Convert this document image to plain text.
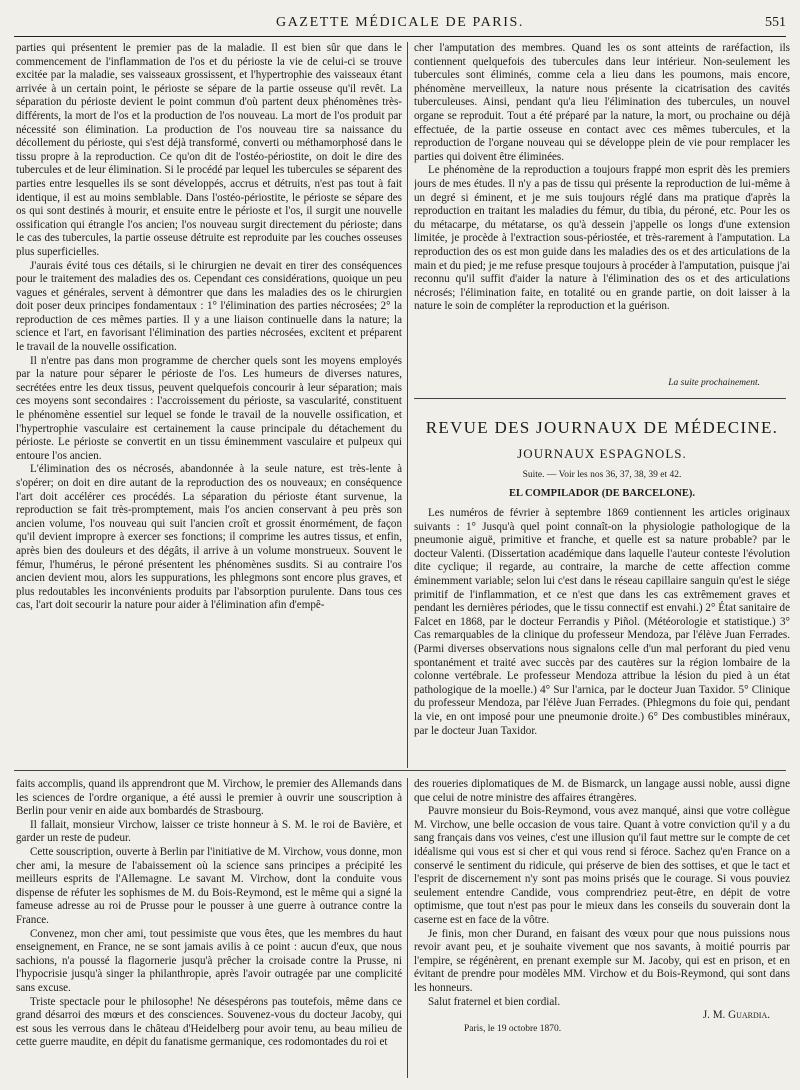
GAZETTE MÉDICALE DE PARIS.	551

parties qui présentent le premier pas de la maladie. Il est bien sûr que dans le commencement de l'inflammation de l'os et du périoste la vie de celui-ci se trouve excitée par la maladie, ses vaisseaux grossissent, et l'hypertrophie des vaisseaux étant arrivée à un certain point, le périoste se sépare de la partie osseuse qu'il revêt. La séparation du périoste devient le point commun d'où partent deux phénomènes très-différents, la mort de l'os et la production de l'os nouveau. La mort de l'os produit par nécessité son élimination. La production de l'os nouveau tire sa naissance du décollement du périoste, qui s'est déjà transformé, converti ou méthamorphosé dans le tissu propre à la reproduction. Ce qu'on dit de l'ostéo-périostite, on doit le dire des tubercules et de leur élimination. Si le procédé par lequel les tubercules se séparent des parties entre lesquelles ils se sont développés, accrus et détruits, n'est pas tout à fait identique, il est au moins semblable. Dans l'ostéo-périostite, le périoste se sépare des os qui sont destinés à mourir, et ensuite entre le périoste et l'os, il surgit une nouvelle ossification qui étrangle l'os ancien; l'os nouveau surgit directement du périoste; dans le cas des tubercules, la partie osseuse détruite est reproduite par les couches osseuses plus superficielles.

J'aurais évité tous ces détails, si le chirurgien ne devait en tirer des conséquences pour le traitement des maladies des os. Cependant ces considérations, quoique un peu vagues et générales, servent à démontrer que dans les maladies des os le chirurgien doit poser deux principes fondamentaux : 1° l'élimination des parties nécrosées; 2° la reproduction de ces mêmes parties. Il y a une liaison continuelle dans la nature; la science et l'art, en favorisant l'élimination des parties nécrosées, excitent et préparent le travail de la nouvelle ossification.

Il n'entre pas dans mon programme de chercher quels sont les moyens employés par la nature pour séparer le périoste de l'os. Les humeurs de diverses natures, secrétées entre les deux tissus, peuvent quelquefois concourir à leur séparation; mais ces moyens sont secondaires : l'accroissement du périoste, sa vascularité, constituent le phénomène essentiel sur lequel se fonde le travail de la nouvelle ossification, et l'hypertrophie vasculaire est certainement la cause principale du détachement du périoste. Le périoste se convertit en un tissu éminemment vasculaire et pulpeux qui entoure l'os ancien.

L'élimination des os nécrosés, abandonnée à la seule nature, est très-lente à s'opérer; on doit en dire autant de la reproduction des os nouveaux; en conséquence l'art doit accélérer ces procédés. La séparation du périoste étant survenue, la reproduction se fait très-promptement, mais l'os ancien conservant à peu près son ancien volume, l'os nouveau qui suit l'ancien croît et grossit énormément, de façon qu'il devient impropre à exercer ses fonctions; il comprime les autres tissus, et enfin, après bien des douleurs et des dégâts, il arrive à un volume monstrueux. Souvent le fémur, l'humérus, le péroné présentent les phénomènes susdits. Si au contraire l'os ancien devient mou, alors les suppurations, les phlegmons sont encore plus graves, et plus redoutables les inconvénients produits par l'absorption purulente. Dans tous ces cas, l'art doit secourir la nature pour aider à l'élimination afin d'empê-

cher l'amputation des membres. Quand les os sont atteints de raréfaction, ils contiennent quelquefois des tubercules dans leur intérieur. Non-seulement les tubercules sont éliminés, comme cela a lieu dans les poumons, mais encore, phénomène merveilleux, la nature nous présente la cicatrisation des cavités tuberculeuses. Ainsi, pendant qu'a lieu l'élimination des tubercules, un nouvel organe se reproduit. Tout a été préparé par la nature, la mort, ou prochaine ou déjà effectuée, de la partie osseuse en contact avec ces mêmes tubercules, et la reproduction de l'organe nouveau qui se développe plein de vie pour remplacer les parties qui doivent être éliminées.

Le phénomène de la reproduction a toujours frappé mon esprit dès les premiers jours de mes études. Il n'y a pas de tissu qui présente la reproduction de lui-même à un degré si éminent, et je me suis toujours réglé dans ma pratique d'après la reproduction en traitant les maladies du fémur, du tibia, du péroné, etc. Pour les os du métacarpe, du métatarse, os qu'à dessein j'appelle os longs d'une extension limitée, je procède à l'extraction sous-périostée, et très-rarement à l'amputation. La reproduction des os est mon guide dans les maladies des os et des articulations de la main et du pied; je me refuse presque toujours à procéder à l'amputation, puisque j'ai reconnu qu'il suffit d'aider la nature à l'élimination des os et des articulations nécrosés; l'élimination faite, en totalité ou en grande partie, on doit laisser à la nature le soin de compléter la reproduction et la guérison.

La suite prochainement.
REVUE DES JOURNAUX DE MÉDECINE.
JOURNAUX ESPAGNOLS.
Suite. — Voir les nos 36, 37, 38, 39 et 42.
EL COMPILADOR (DE BARCELONE).

Les numéros de février à septembre 1869 contiennent les articles originaux suivants : 1° Jusqu'à quel point connaît-on la physiologie pathologique de la pneumonie aiguë, primitive et franche, et quelle est sa nature probable? par le docteur Valenti. (Dissertation académique dans laquelle l'auteur conteste l'évolution dite cyclique; il regarde, au contraire, la marche de cette affection comme éminemment variable; selon lui c'est dans le réseau capillaire sanguin qu'est le siége primitif de l'inflammation, et ce n'est que dans les cas extrêmement graves et pendant les dernières périodes, que le tissu connectif est envahi.) 2° État sanitaire de Falcet en 1868, par le docteur Ferrandis y Piñol. (Météorologie et statistique.) 3° Cas remarquables de la clinique du professeur Mendoza, par l'élève Juan Ferrades. (Parmi diverses observations nous signalons celle d'un mal perforant du pied venu spontanément et traité avec succès par des cautères sur la région lombaire de la colonne vertébrale. Le professeur Mendoza attribue la lésion du pied à un état pathologique de la moelle.) 4° Sur l'arnica, par le docteur Juan Taxidor. 5° Clinique du professeur Mendoza, par l'élève Juan Ferrades. (Phlegmons du foie qui, pendant la vie, en ont imposé pour une pneumonie droite.) 6° Des combustibles minéraux, par le docteur Juan Taxidor.

faits accomplis, quand ils apprendront que M. Virchow, le premier des Allemands dans les sciences de l'ordre organique, a été aussi le premier à ouvrir une souscription à Berlin pour venir en aide aux bombardés de Strasbourg.

Il fallait, monsieur Virchow, laisser ce triste honneur à S. M. le roi de Bavière, et garder un reste de pudeur.

Cette souscription, ouverte à Berlin par l'initiative de M. Virchow, vous donne, mon cher ami, la mesure de l'abaissement où la science sans principes a précipité les meilleurs esprits de l'Allemagne. Le savant M. Virchow, dont la conduite vous dispense de réfuter les sophismes de M. du Bois-Reymond, est le même qui a signé la fameuse adresse au roi de Prusse pour le pousser à une guerre à outrance contre la France.

Convenez, mon cher ami, tout pessimiste que vous êtes, que les membres du haut enseignement, en France, ne se sont jamais avilis à ce point : aucun d'eux, que nous sachions, n'a poussé la flagornerie jusqu'à prêcher la croisade contre la Prusse, ni l'hypocrisie jusqu'à singer la philanthropie, après l'avoir outragée par une complicité sans excuse.

Triste spectacle pour le philosophe! Ne désespérons pas toutefois, même dans ce grand désarroi des mœurs et des consciences. Souvenez-vous du docteur Jacoby, qui est sous les verrous dans le château d'Heidelberg pour avoir tenu, au beau milieu de cette guerre maudite, en dépit du fanatisme germanique, ces rodomontades du roi et

des roueries diplomatiques de M. de Bismarck, un langage aussi noble, aussi digne que celui de notre ministre des affaires étrangères.

Pauvre monsieur du Bois-Reymond, vous avez manqué, ainsi que votre collègue M. Virchow, une belle occasion de vous taire. Quant à votre conviction qu'il y a du sang français dans vos veines, c'est une illusion qu'il faut mettre sur le compte de cet idéalisme qui vous est si cher et qui vous rend si féroce. Sachez qu'en France on a conservé le sentiment du ridicule, qui préserve de bien des sottises, et que le tact et l'esprit de discernement n'y sont pas moins prisés que le courage. Si vous pouviez seulement entendre Candide, vous comprendriez peut-être, en dépit de votre optimisme, que tout n'est pas pour le mieux dans les conseils du souverain dont la caserne est en face de la vôtre.

Je finis, mon cher Durand, en faisant des vœux pour que nous puissions nous revoir avant peu, et je souhaite vivement que nos savants, à moitié pourris par l'empire, se régénèrent, en prenant exemple sur M. Jacoby, qui est en prison, et en évitant de prendre pour modèles MM. Virchow et du Bois-Reymond, qui sont dans les honneurs.

Salut fraternel et bien cordial.

J. M. Guardia.
Paris, le 19 octobre 1870.
